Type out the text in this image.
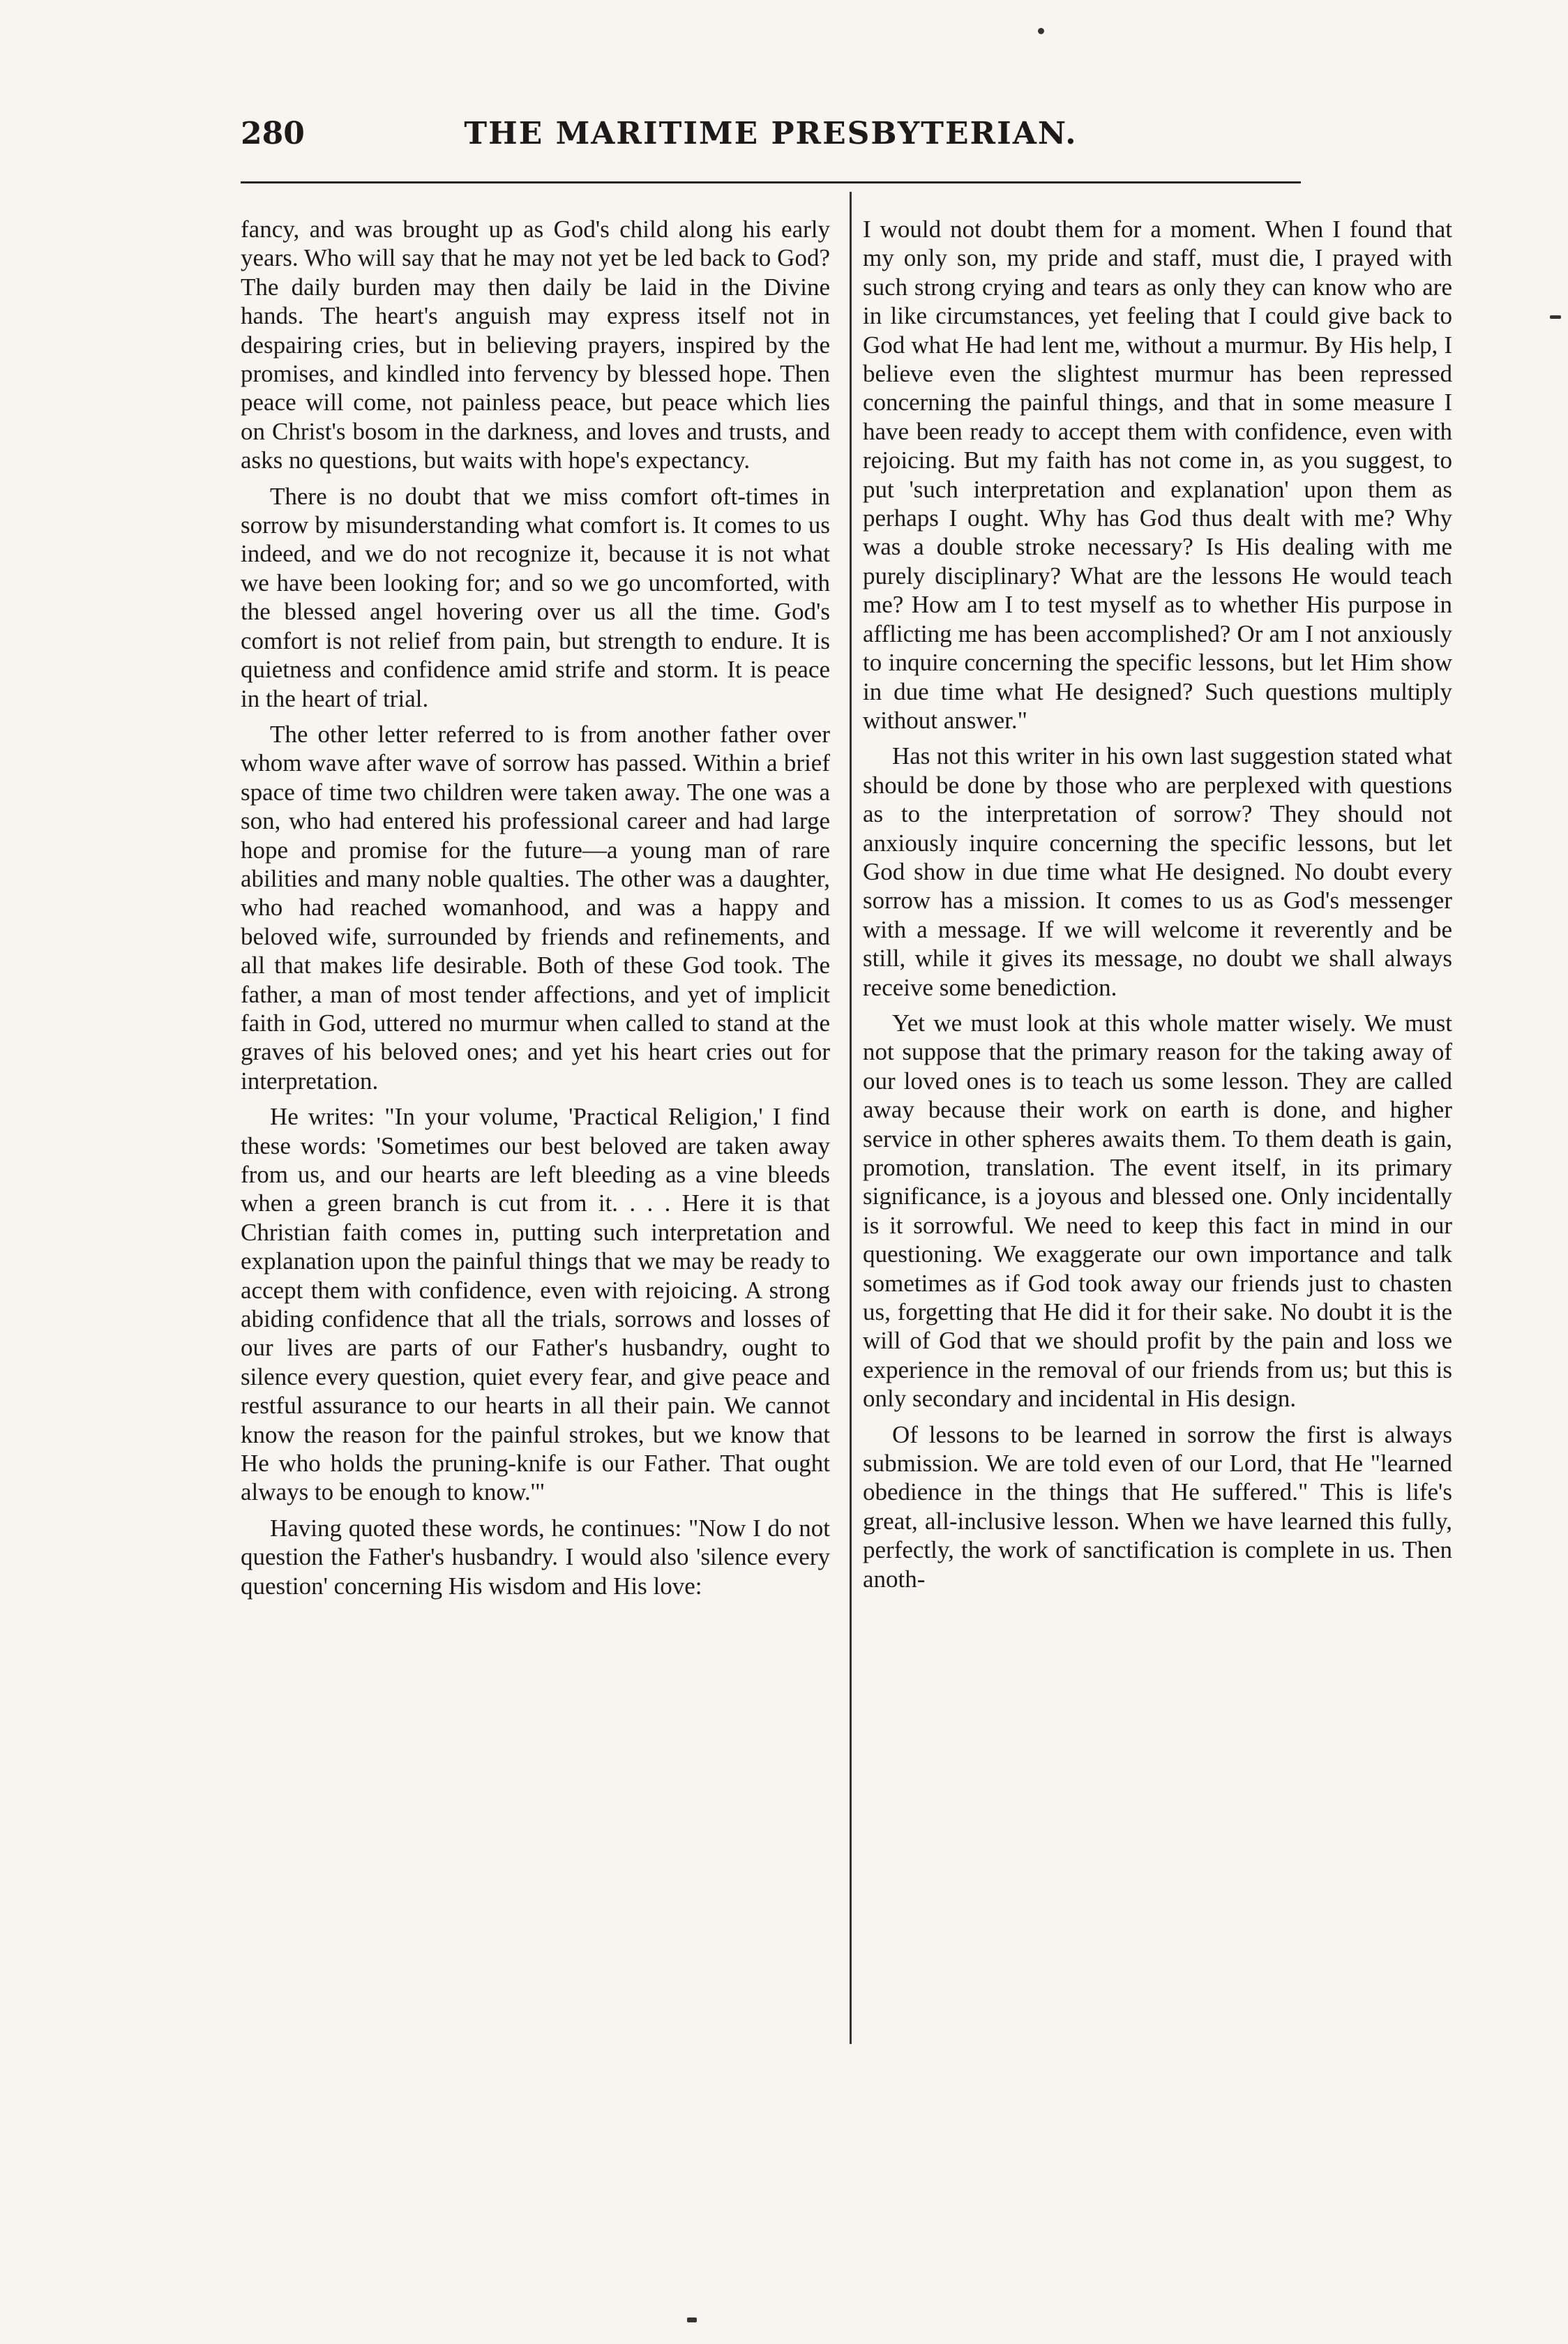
280	THE MARITIME PRESBYTERIAN.

fancy, and was brought up as God's child along his early years. Who will say that he may not yet be led back to God? The daily burden may then daily be laid in the Divine hands. The heart's anguish may express itself not in despairing cries, but in believing prayers, inspired by the promises, and kindled into fervency by blessed hope. Then peace will come, not painless peace, but peace which lies on Christ's bosom in the darkness, and loves and trusts, and asks no questions, but waits with hope's expectancy.

There is no doubt that we miss comfort oft-times in sorrow by misunderstanding what comfort is. It comes to us indeed, and we do not recognize it, because it is not what we have been looking for; and so we go uncomforted, with the blessed angel hovering over us all the time. God's comfort is not relief from pain, but strength to endure. It is quietness and confidence amid strife and storm. It is peace in the heart of trial.

The other letter referred to is from another father over whom wave after wave of sorrow has passed. Within a brief space of time two children were taken away. The one was a son, who had entered his professional career and had large hope and promise for the future—a young man of rare abilities and many noble qualties. The other was a daughter, who had reached womanhood, and was a happy and beloved wife, surrounded by friends and refinements, and all that makes life desirable. Both of these God took. The father, a man of most tender affections, and yet of implicit faith in God, uttered no murmur when called to stand at the graves of his beloved ones; and yet his heart cries out for interpretation.

He writes: "In your volume, 'Practical Religion,' I find these words: 'Sometimes our best beloved are taken away from us, and our hearts are left bleeding as a vine bleeds when a green branch is cut from it. . . . Here it is that Christian faith comes in, putting such interpretation and explanation upon the painful things that we may be ready to accept them with confidence, even with rejoicing. A strong abiding confidence that all the trials, sorrows and losses of our lives are parts of our Father's husbandry, ought to silence every question, quiet every fear, and give peace and restful assurance to our hearts in all their pain. We cannot know the reason for the painful strokes, but we know that He who holds the pruning-knife is our Father. That ought always to be enough to know.'"

Having quoted these words, he continues: "Now I do not question the Father's husbandry. I would also 'silence every question' concerning His wisdom and His love:

I would not doubt them for a moment. When I found that my only son, my pride and staff, must die, I prayed with such strong crying and tears as only they can know who are in like circumstances, yet feeling that I could give back to God what He had lent me, without a murmur. By His help, I believe even the slightest murmur has been repressed concerning the painful things, and that in some measure I have been ready to accept them with confidence, even with rejoicing. But my faith has not come in, as you suggest, to put 'such interpretation and explanation' upon them as perhaps I ought. Why has God thus dealt with me? Why was a double stroke necessary? Is His dealing with me purely disciplinary? What are the lessons He would teach me? How am I to test myself as to whether His purpose in afflicting me has been accomplished? Or am I not anxiously to inquire concerning the specific lessons, but let Him show in due time what He designed? Such questions multiply without answer."

Has not this writer in his own last suggestion stated what should be done by those who are perplexed with questions as to the interpretation of sorrow? They should not anxiously inquire concerning the specific lessons, but let God show in due time what He designed. No doubt every sorrow has a mission. It comes to us as God's messenger with a message. If we will welcome it reverently and be still, while it gives its message, no doubt we shall always receive some benediction.

Yet we must look at this whole matter wisely. We must not suppose that the primary reason for the taking away of our loved ones is to teach us some lesson. They are called away because their work on earth is done, and higher service in other spheres awaits them. To them death is gain, promotion, translation. The event itself, in its primary significance, is a joyous and blessed one. Only incidentally is it sorrowful. We need to keep this fact in mind in our questioning. We exaggerate our own importance and talk sometimes as if God took away our friends just to chasten us, forgetting that He did it for their sake. No doubt it is the will of God that we should profit by the pain and loss we experience in the removal of our friends from us; but this is only secondary and incidental in His design.

Of lessons to be learned in sorrow the first is always submission. We are told even of our Lord, that He "learned obedience in the things that He suffered." This is life's great, all-inclusive lesson. When we have learned this fully, perfectly, the work of sanctification is complete in us. Then anoth-
